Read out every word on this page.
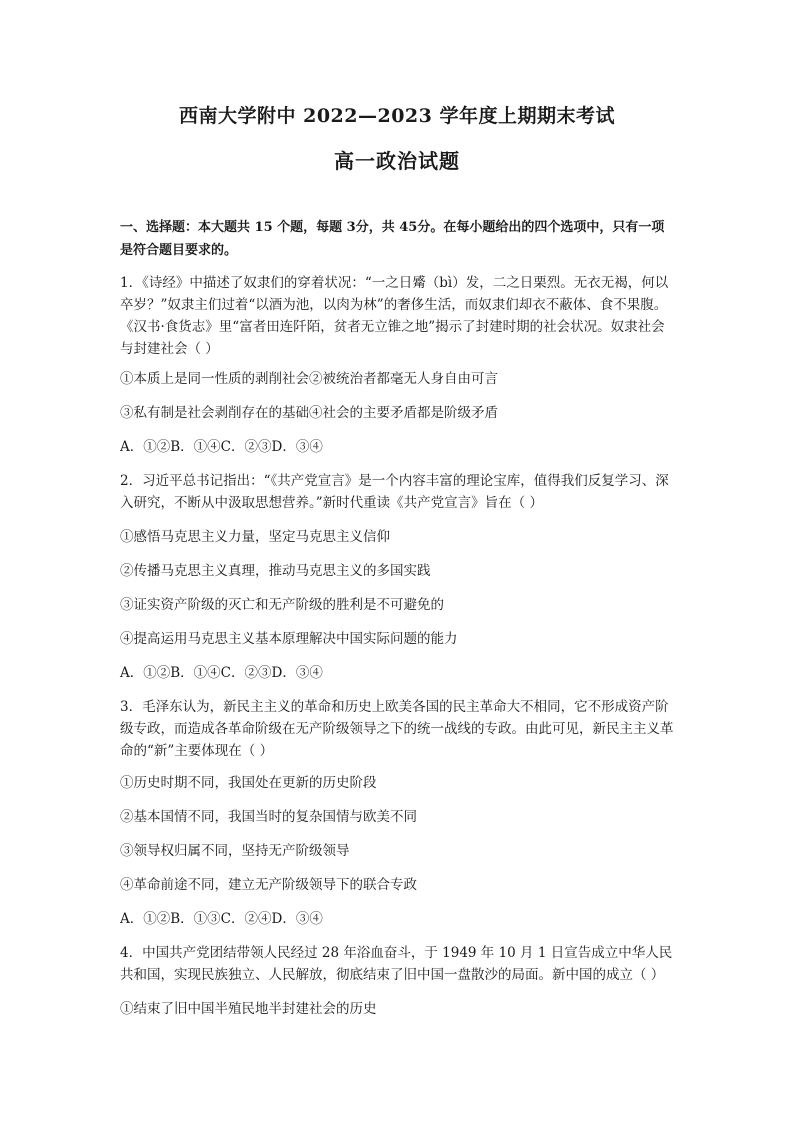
西南大学附中 2022—2023 学年度上期期末考试
高一政治试题

一、选择题：本大题共 15 个题，每题 3分，共 45分。在每小题给出的四个选项中，只有一项 是符合题目要求的。

1．《诗经》中描述了奴隶们的穿着状况：“一之日觱（bì）发，二之日栗烈。无衣无褐，何以卒岁？”奴隶主们过着“以酒为池，以肉为林”的奢侈生活，而奴隶们却衣不蔽体、食不果腹。《汉书·食货志》里“富者田连阡陌，贫者无立锥之地”揭示了封建时期的社会状况。奴隶社会与封建社会（ ）

①本质上是同一性质的剥削社会②被统治者都毫无人身自由可言

③私有制是社会剥削存在的基础④社会的主要矛盾都是阶级矛盾

A．①②B．①④C．②③D．③④

2．习近平总书记指出：“《共产党宣言》是一个内容丰富的理论宝库，值得我们反复学习、深入研究，不断从中汲取思想营养。”新时代重读《共产党宣言》旨在（ ）

①感悟马克思主义力量，坚定马克思主义信仰

②传播马克思主义真理，推动马克思主义的多国实践

③证实资产阶级的灭亡和无产阶级的胜利是不可避免的

④提高运用马克思主义基本原理解决中国实际问题的能力

A．①②B．①④C．②③D．③④

3．毛泽东认为，新民主主义的革命和历史上欧美各国的民主革命大不相同，它不形成资产阶级专政，而造成各革命阶级在无产阶级领导之下的统一战线的专政。由此可见，新民主主义革命的“新”主要体现在（ ）

①历史时期不同，我国处在更新的历史阶段

②基本国情不同，我国当时的复杂国情与欧美不同

③领导权归属不同，坚持无产阶级领导

④革命前途不同，建立无产阶级领导下的联合专政

A．①②B．①③C．②④D．③④

4．中国共产党团结带领人民经过 28 年浴血奋斗，于 1949 年 10 月 1 日宣告成立中华人民共和国，实现民族独立、人民解放，彻底结束了旧中国一盘散沙的局面。新中国的成立（ ）

①结束了旧中国半殖民地半封建社会的历史
